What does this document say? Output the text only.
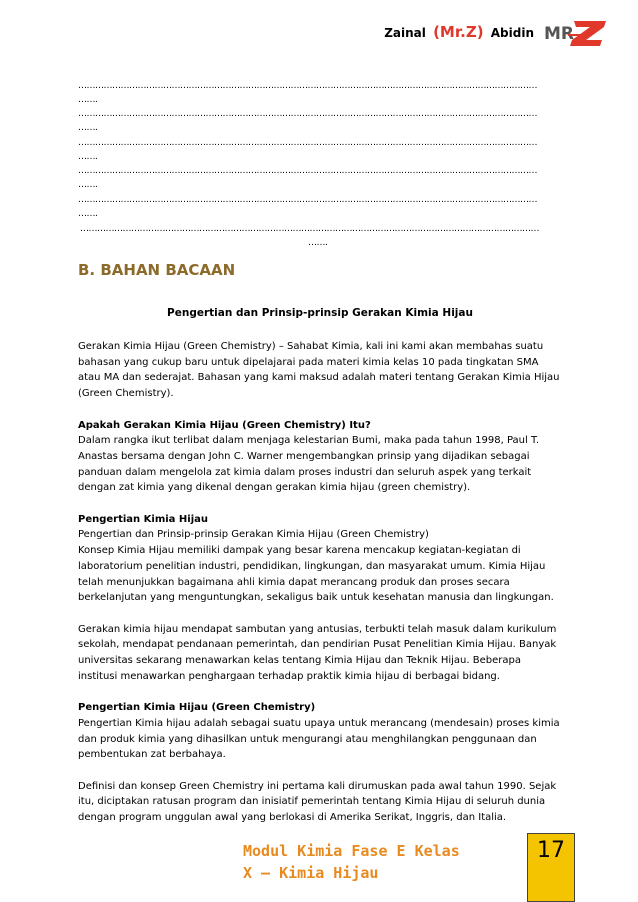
Zainal (Mr.Z) Abidin MR
………………………………………………………………………………………………………………………………………………
…….
………………………………………………………………………………………………………………………………………………
…….
………………………………………………………………………………………………………………………………………………
…….
………………………………………………………………………………………………………………………………………………
…….
………………………………………………………………………………………………………………………………………………
…….
………………………………………………………………………………………………………………………………………………
…….
B. BAHAN BACAAN
Pengertian dan Prinsip-prinsip Gerakan Kimia Hijau

Gerakan Kimia Hijau (Green Chemistry) – Sahabat Kimia, kali ini kami akan membahas suatu bahasan yang cukup baru untuk dipelajarai pada materi kimia kelas 10 pada tingkatan SMA atau MA dan sederajat. Bahasan yang kami maksud adalah materi tentang Gerakan Kimia Hijau (Green Chemistry).

Apakah Gerakan Kimia Hijau (Green Chemistry) Itu?
Dalam rangka ikut terlibat dalam menjaga kelestarian Bumi, maka pada tahun 1998, Paul T. Anastas bersama dengan John C. Warner mengembangkan prinsip yang dijadikan sebagai panduan dalam mengelola zat kimia dalam proses industri dan seluruh aspek yang terkait dengan zat kimia yang dikenal dengan gerakan kimia hijau (green chemistry).

Pengertian Kimia Hijau
Pengertian dan Prinsip-prinsip Gerakan Kimia Hijau (Green Chemistry)
Konsep Kimia Hijau memiliki dampak yang besar karena mencakup kegiatan-kegiatan di laboratorium penelitian industri, pendidikan, lingkungan, dan masyarakat umum. Kimia Hijau telah menunjukkan bagaimana ahli kimia dapat merancang produk dan proses secara berkelanjutan yang menguntungkan, sekaligus baik untuk kesehatan manusia dan lingkungan.

Gerakan kimia hijau mendapat sambutan yang antusias, terbukti telah masuk dalam kurikulum sekolah, mendapat pendanaan pemerintah, dan pendirian Pusat Penelitian Kimia Hijau. Banyak universitas sekarang menawarkan kelas tentang Kimia Hijau dan Teknik Hijau. Beberapa institusi menawarkan penghargaan terhadap praktik kimia hijau di berbagai bidang.

Pengertian Kimia Hijau (Green Chemistry)
Pengertian Kimia hijau adalah sebagai suatu upaya untuk merancang (mendesain) proses kimia dan produk kimia yang dihasilkan untuk mengurangi atau menghilangkan penggunaan dan pembentukan zat berbahaya.

Definisi dan konsep Green Chemistry ini pertama kali dirumuskan pada awal tahun 1990. Sejak itu, diciptakan ratusan program dan inisiatif pemerintah tentang Kimia Hijau di seluruh dunia dengan program unggulan awal yang berlokasi di Amerika Serikat, Inggris, dan Italia.

Modul Kimia Fase E Kelas
X – Kimia Hijau
17
